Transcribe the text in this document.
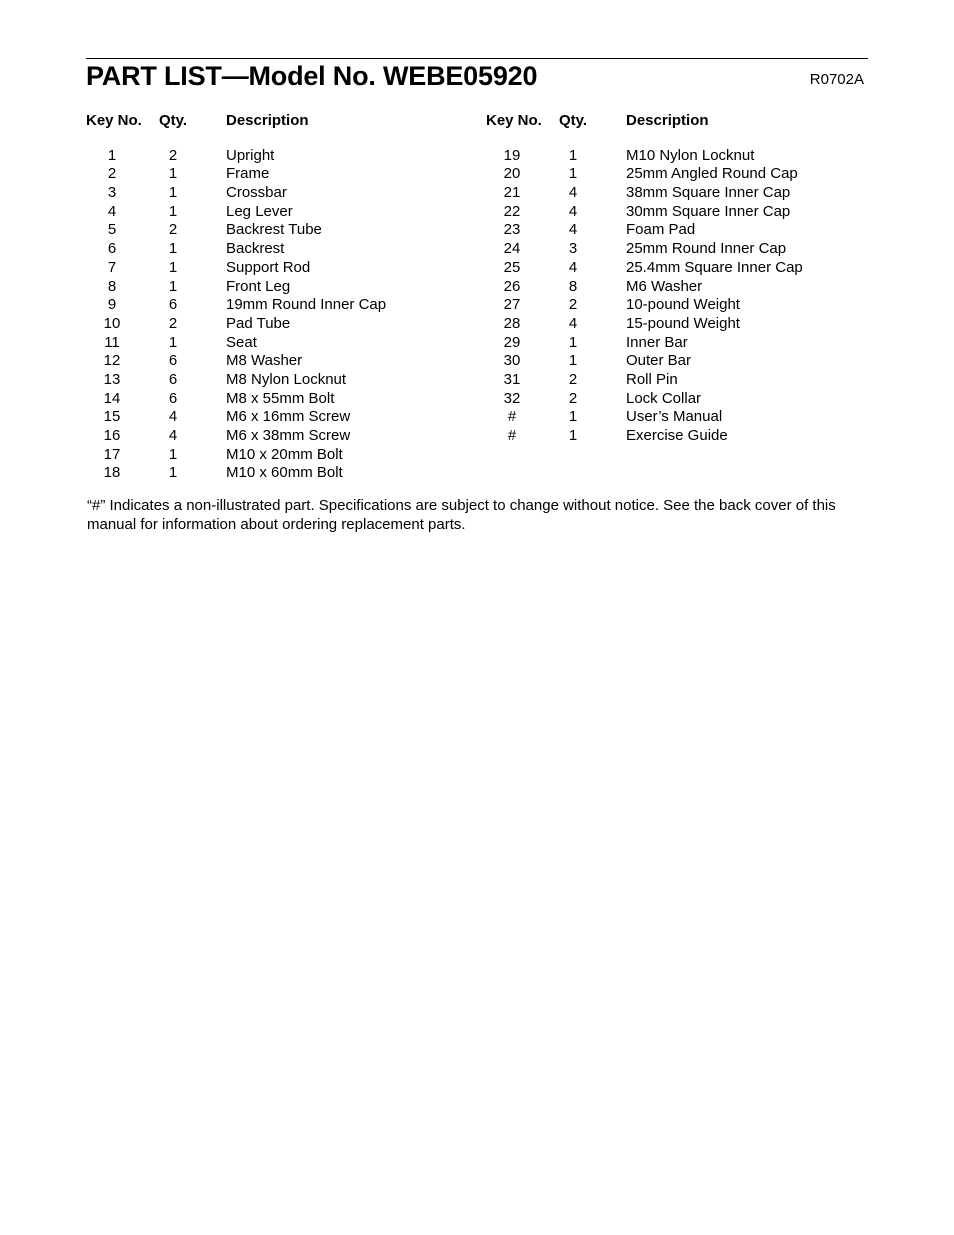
PART LIST—Model No. WEBE05920	R0702A
Key No. Qty.	Description
1	2	Upright
2	1	Frame
3	1	Crossbar
4	1	Leg Lever
5	2	Backrest Tube
6	1	Backrest
7	1	Support Rod
8	1	Front Leg
9	6	19mm Round Inner Cap
10	2	Pad Tube
11	1	Seat
12	6	M8 Washer
13	6	M8 Nylon Locknut
14	6	M8 x 55mm Bolt
15	4	M6 x 16mm Screw
16	4	M6 x 38mm Screw
17	1	M10 x 20mm Bolt
18	1	M10 x 60mm Bolt
Key No. Qty.	Description
19	1	M10 Nylon Locknut
20	1	25mm Angled Round Cap
21	4	38mm Square Inner Cap
22	4	30mm Square Inner Cap
23	4	Foam Pad
24	3	25mm Round Inner Cap
25	4	25.4mm Square Inner Cap
26	8	M6 Washer
27	2	10-pound Weight
28	4	15-pound Weight
29	1	Inner Bar
30	1	Outer Bar
31	2	Roll Pin
32	2	Lock Collar
#	1	User’s Manual
#	1	Exercise Guide
“#” Indicates a non-illustrated part. Specifications are subject to change without notice. See the back cover of this manual for information about ordering replacement parts.
